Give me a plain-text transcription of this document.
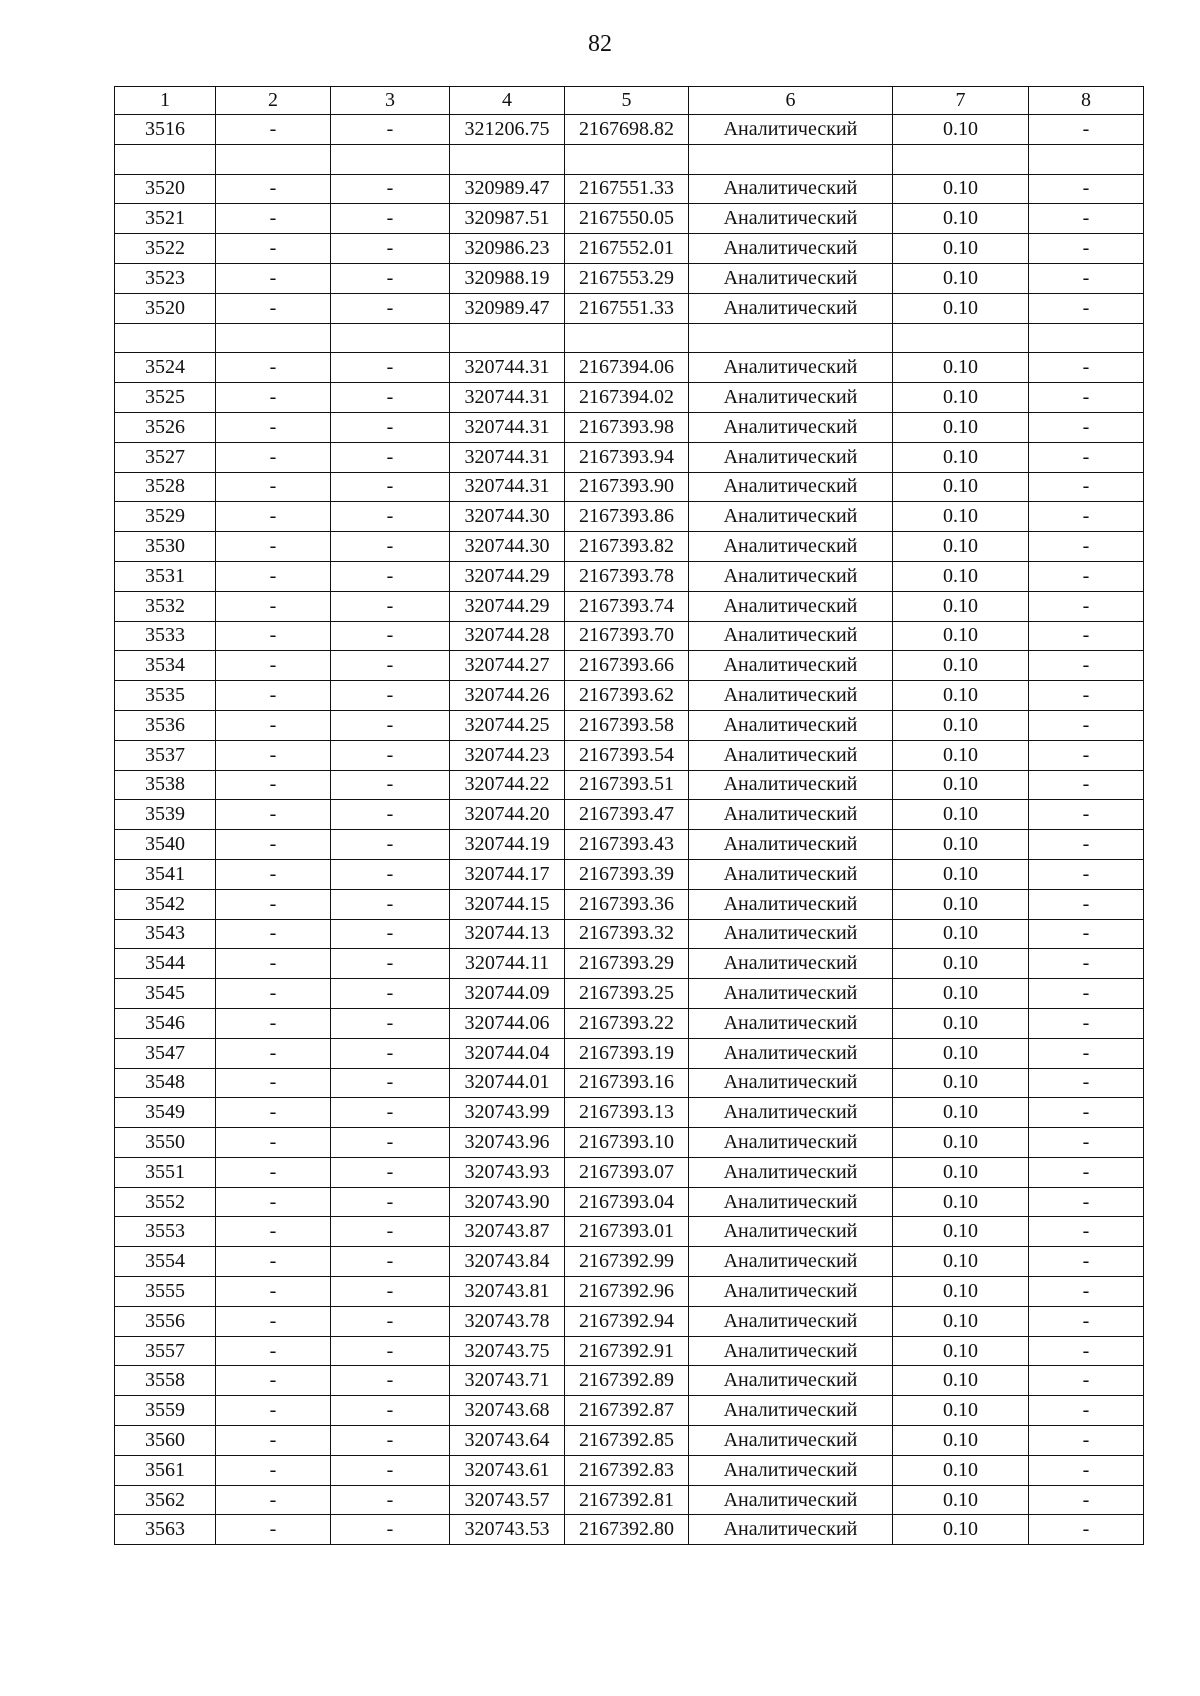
82
1	2	3	4	5	6	7	8
3516	-	-	321206.75	2167698.82	Аналитический	0.10	-

3520	-	-	320989.47	2167551.33	Аналитический	0.10	-
3521	-	-	320987.51	2167550.05	Аналитический	0.10	-
3522	-	-	320986.23	2167552.01	Аналитический	0.10	-
3523	-	-	320988.19	2167553.29	Аналитический	0.10	-
3520	-	-	320989.47	2167551.33	Аналитический	0.10	-

3524	-	-	320744.31	2167394.06	Аналитический	0.10	-
3525	-	-	320744.31	2167394.02	Аналитический	0.10	-
3526	-	-	320744.31	2167393.98	Аналитический	0.10	-
3527	-	-	320744.31	2167393.94	Аналитический	0.10	-
3528	-	-	320744.31	2167393.90	Аналитический	0.10	-
3529	-	-	320744.30	2167393.86	Аналитический	0.10	-
3530	-	-	320744.30	2167393.82	Аналитический	0.10	-
3531	-	-	320744.29	2167393.78	Аналитический	0.10	-
3532	-	-	320744.29	2167393.74	Аналитический	0.10	-
3533	-	-	320744.28	2167393.70	Аналитический	0.10	-
3534	-	-	320744.27	2167393.66	Аналитический	0.10	-
3535	-	-	320744.26	2167393.62	Аналитический	0.10	-
3536	-	-	320744.25	2167393.58	Аналитический	0.10	-
3537	-	-	320744.23	2167393.54	Аналитический	0.10	-
3538	-	-	320744.22	2167393.51	Аналитический	0.10	-
3539	-	-	320744.20	2167393.47	Аналитический	0.10	-
3540	-	-	320744.19	2167393.43	Аналитический	0.10	-
3541	-	-	320744.17	2167393.39	Аналитический	0.10	-
3542	-	-	320744.15	2167393.36	Аналитический	0.10	-
3543	-	-	320744.13	2167393.32	Аналитический	0.10	-
3544	-	-	320744.11	2167393.29	Аналитический	0.10	-
3545	-	-	320744.09	2167393.25	Аналитический	0.10	-
3546	-	-	320744.06	2167393.22	Аналитический	0.10	-
3547	-	-	320744.04	2167393.19	Аналитический	0.10	-
3548	-	-	320744.01	2167393.16	Аналитический	0.10	-
3549	-	-	320743.99	2167393.13	Аналитический	0.10	-
3550	-	-	320743.96	2167393.10	Аналитический	0.10	-
3551	-	-	320743.93	2167393.07	Аналитический	0.10	-
3552	-	-	320743.90	2167393.04	Аналитический	0.10	-
3553	-	-	320743.87	2167393.01	Аналитический	0.10	-
3554	-	-	320743.84	2167392.99	Аналитический	0.10	-
3555	-	-	320743.81	2167392.96	Аналитический	0.10	-
3556	-	-	320743.78	2167392.94	Аналитический	0.10	-
3557	-	-	320743.75	2167392.91	Аналитический	0.10	-
3558	-	-	320743.71	2167392.89	Аналитический	0.10	-
3559	-	-	320743.68	2167392.87	Аналитический	0.10	-
3560	-	-	320743.64	2167392.85	Аналитический	0.10	-
3561	-	-	320743.61	2167392.83	Аналитический	0.10	-
3562	-	-	320743.57	2167392.81	Аналитический	0.10	-
3563	-	-	320743.53	2167392.80	Аналитический	0.10	-
